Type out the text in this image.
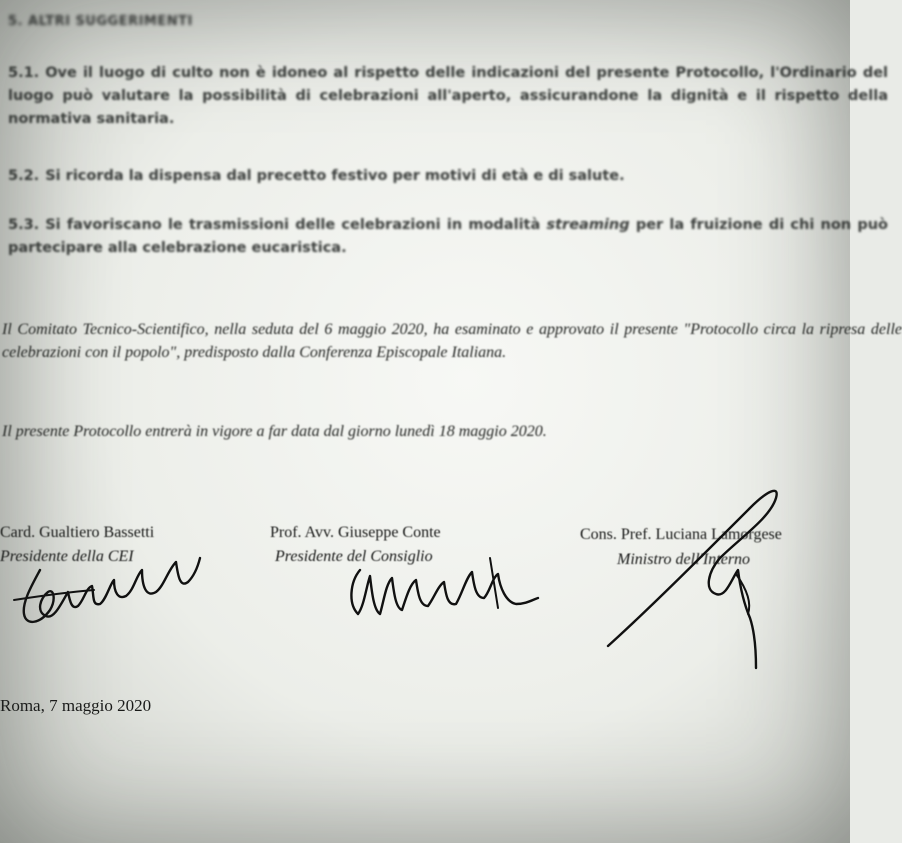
5. ALTRI SUGGERIMENTI
5.1. Ove il luogo di culto non è idoneo al rispetto delle indicazioni del presente Protocollo, l'Ordinario del luogo può valutare la possibilità di celebrazioni all'aperto, assicurandone la dignità e il rispetto della normativa sanitaria.
5.2. Si ricorda la dispensa dal precetto festivo per motivi di età e di salute.
5.3. Si favoriscano le trasmissioni delle celebrazioni in modalità streaming per la fruizione di chi non può partecipare alla celebrazione eucaristica.
Il Comitato Tecnico-Scientifico, nella seduta del 6 maggio 2020, ha esaminato e approvato il presente "Protocollo circa la ripresa delle celebrazioni con il popolo", predisposto dalla Conferenza Episcopale Italiana.
Il presente Protocollo entrerà in vigore a far data dal giorno lunedì 18 maggio 2020.
Card. Gualtiero Bassetti
Presidente della CEI
Prof. Avv. Giuseppe Conte
Presidente del Consiglio
Cons. Pref. Luciana Lamorgese
Ministro dell'Interno
Roma, 7 maggio 2020
